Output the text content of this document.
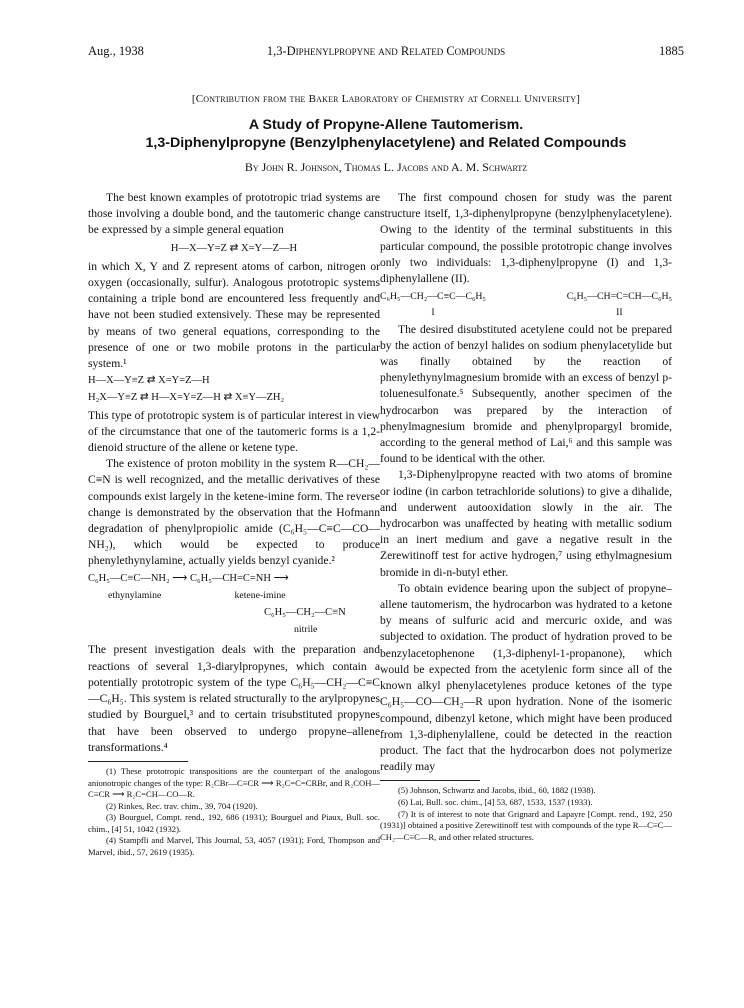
Aug., 1938	1,3-Diphenylpropyne and Related Compounds	1885
[Contribution from the Baker Laboratory of Chemistry at Cornell University]
A Study of Propyne-Allene Tautomerism.
1,3-Diphenylpropyne (Benzylphenylacetylene) and Related Compounds
By John R. Johnson, Thomas L. Jacobs and A. M. Schwartz

The best known examples of prototropic triad systems are those involving a double bond, and the tautomeric change can be expressed by a simple general equation

H—X—Y=Z ⇄ X=Y—Z—H

in which X, Y and Z represent atoms of carbon, nitrogen or oxygen (occasionally, sulfur). Analogous prototropic systems containing a triple bond are encountered less frequently and have not been studied extensively. These may be represented by means of two general equations, corresponding to the presence of one or two mobile protons in the particular system.¹

H—X—Y≡Z ⇄ X=Y=Z—H
H₂X—Y≡Z ⇄ H—X=Y=Z—H ⇄ X≡Y—ZH₂

This type of prototropic system is of particular interest in view of the circumstance that one of the tautomeric forms is a 1,2-dienoid structure of the allene or ketene type.

The existence of proton mobility in the system R—CH₂—C≡N is well recognized, and the metallic derivatives of these compounds exist largely in the ketene-imine form. The reverse change is demonstrated by the observation that the Hofmann degradation of phenylpropiolic amide (C₆H₅—C≡C—CO—NH₂), which would be expected to produce phenylethynylamine, actually yields benzyl cyanide.²

C₆H₅—C≡C—NH₂ ⟶ C₆H₅—CH=C=NH ⟶
ethynylamine	ketene-imine
C₆H₅—CH₂—C≡N
nitrile

The present investigation deals with the preparation and reactions of several 1,3-diarylpropynes, which contain a potentially prototropic system of the type C₆H₅—CH₂—C≡C—C₆H₅. This system is related structurally to the arylpropynes studied by Bourguel,³ and to certain trisubstituted propynes that have been observed to undergo propyne–allene transformations.⁴

(1) These prototropic transpositions are the counterpart of the analogous anionotropic changes of the type: R₂CBr—C≡CR ⟶ R₂C=C=CRBr, and R₂COH—C≡CR ⟶ R₂C=CH—CO—R.

(2) Rinkes, Rec. trav. chim., 39, 704 (1920).

(3) Bourguel, Compt. rend., 192, 686 (1931); Bourguel and Piaux, Bull. soc. chim., [4] 51, 1042 (1932).

(4) Stampfli and Marvel, This Journal, 53, 4057 (1931); Ford, Thompson and Marvel, ibid., 57, 2619 (1935).

The first compound chosen for study was the parent structure itself, 1,3-diphenylpropyne (benzylphenylacetylene). Owing to the identity of the terminal substituents in this particular compound, the possible prototropic change involves only two individuals: 1,3-diphenylpropyne (I) and 1,3-diphenylallene (II).

C₆H₅—CH₂—C≡C—C₆H₅
I
C₆H₅—CH=C=CH—C₆H₅
II

The desired disubstituted acetylene could not be prepared by the action of benzyl halides on sodium phenylacetylide but was finally obtained by the reaction of phenylethynylmagnesium bromide with an excess of benzyl p-toluenesulfonate.⁵ Subsequently, another specimen of the hydrocarbon was prepared by the interaction of phenylmagnesium bromide and phenylpropargyl bromide, according to the general method of Lai,⁶ and this sample was found to be identical with the other.

1,3-Diphenylpropyne reacted with two atoms of bromine or iodine (in carbon tetrachloride solutions) to give a dihalide, and underwent autooxidation slowly in the air. The hydrocarbon was unaffected by heating with metallic sodium in an inert medium and gave a negative result in the Zerewitinoff test for active hydrogen,⁷ using ethylmagnesium bromide in di-n-butyl ether.

To obtain evidence bearing upon the subject of propyne–allene tautomerism, the hydrocarbon was hydrated to a ketone by means of sulfuric acid and mercuric oxide, and was subjected to oxidation. The product of hydration proved to be benzylacetophenone (1,3-diphenyl-1-propanone), which would be expected from the acetylenic form since all of the known alkyl phenylacetylenes produce ketones of the type C₆H₅—CO—CH₂—R upon hydration. None of the isomeric compound, dibenzyl ketone, which might have been produced from 1,3-diphenylallene, could be detected in the reaction product. The fact that the hydrocarbon does not polymerize readily may

(5) Johnson, Schwartz and Jacobs, ibid., 60, 1882 (1938).

(6) Lai, Bull. soc. chim., [4] 53, 687, 1533, 1537 (1933).

(7) It is of interest to note that Grignard and Lapayre [Compt. rend., 192, 250 (1931)] obtained a positive Zerewitinoff test with compounds of the type R—C≡C—CH₂—C≡C—R, and other related structures.
